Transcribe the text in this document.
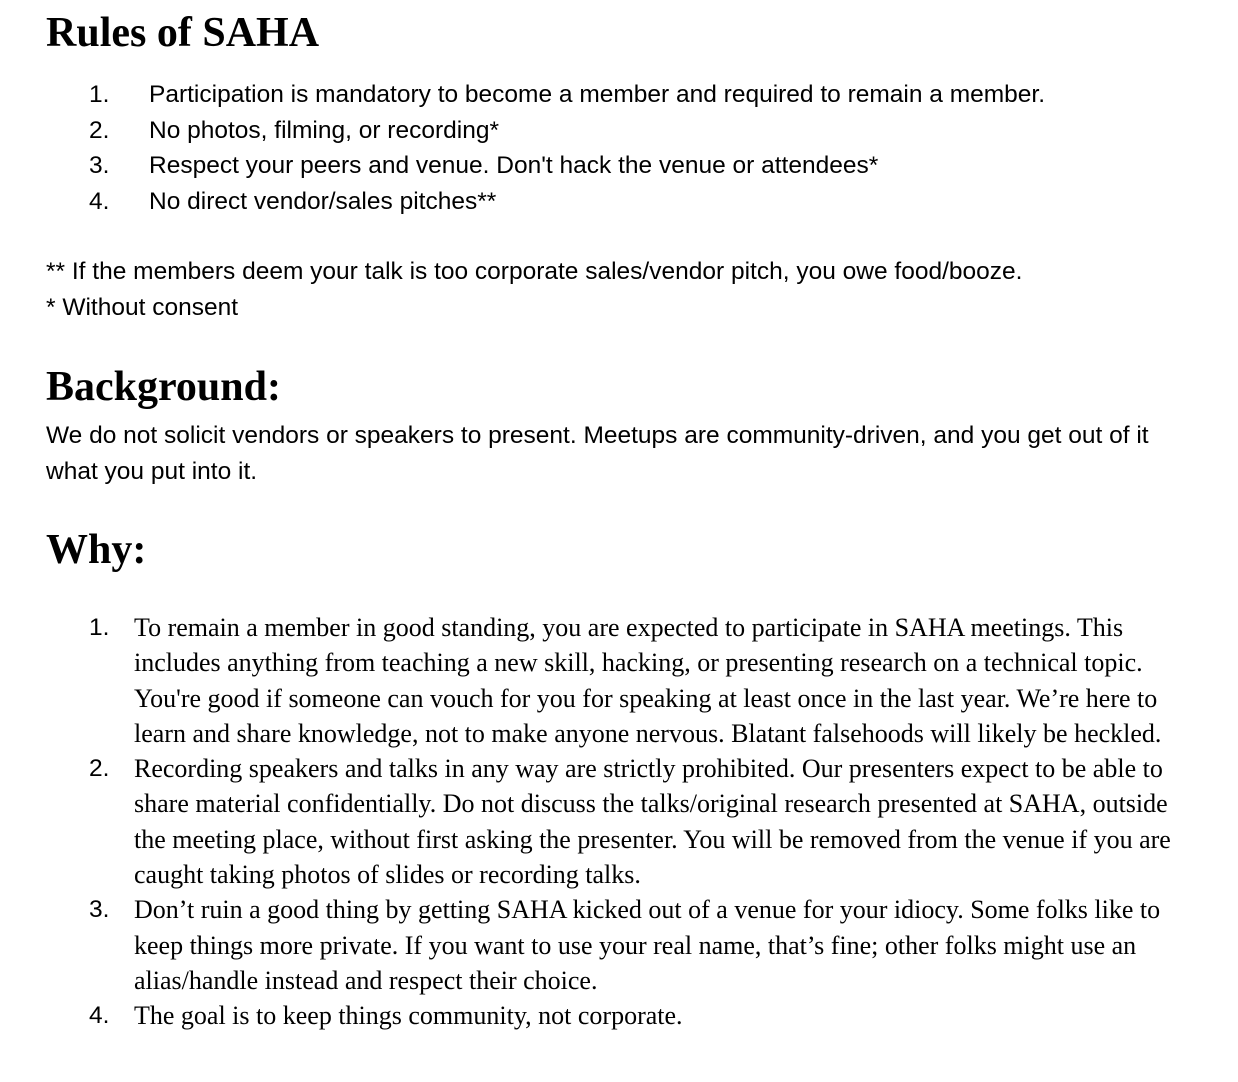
Rules of SAHA
1.	Participation is mandatory to become a member and required to remain a member.
2.	No photos, filming, or recording*
3.	Respect your peers and venue. Don't hack the venue or attendees*
4.	No direct vendor/sales pitches**
** If the members deem your talk is too corporate sales/vendor pitch, you owe food/booze.
* Without consent
Background:

We do not solicit vendors or speakers to present. Meetups are community-driven, and you get out of it what you put into it.

Why:
1. To remain a member in good standing, you are expected to participate in SAHA meetings. This includes anything from teaching a new skill, hacking, or presenting research on a technical topic. You're good if someone can vouch for you for speaking at least once in the last year. We’re here to learn and share knowledge, not to make anyone nervous. Blatant falsehoods will likely be heckled.
2. Recording speakers and talks in any way are strictly prohibited. Our presenters expect to be able to share material confidentially. Do not discuss the talks/original research presented at SAHA, outside the meeting place, without first asking the presenter. You will be removed from the venue if you are caught taking photos of slides or recording talks.
3. Don’t ruin a good thing by getting SAHA kicked out of a venue for your idiocy. Some folks like to keep things more private. If you want to use your real name, that’s fine; other folks might use an alias/handle instead and respect their choice.
4. The goal is to keep things community, not corporate.
